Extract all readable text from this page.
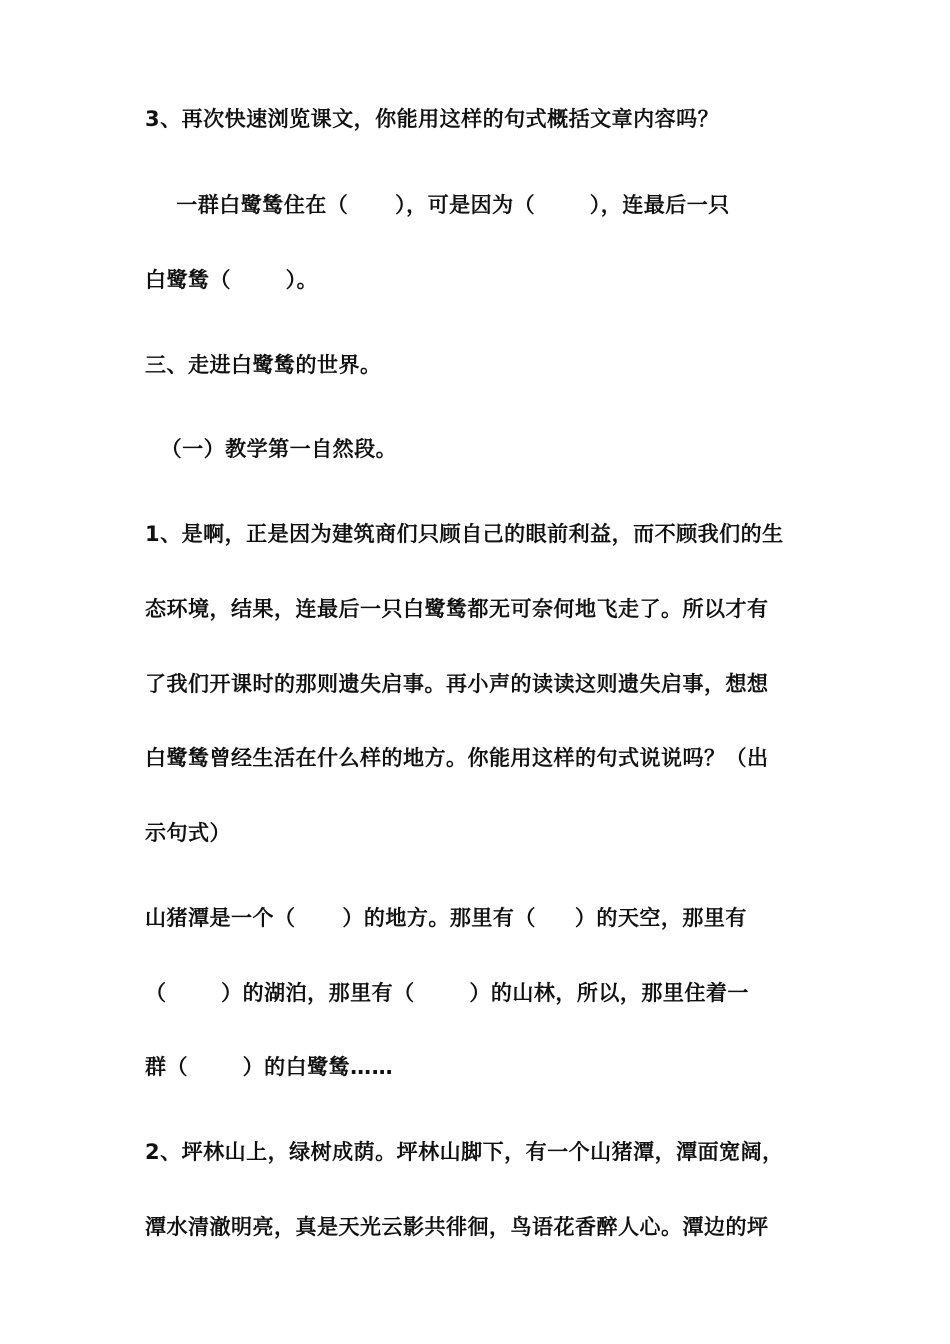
3、再次快速浏览课文，你能用这样的句式概括文章内容吗？
一群白鹭鸶住在（      ），可是因为（       ），连最后一只
白鹭鸶（       ）。
三、走进白鹭鸶的世界。
（一）教学第一自然段。
1、是啊，正是因为建筑商们只顾自己的眼前利益，而不顾我们的生
态环境，结果，连最后一只白鹭鸶都无可奈何地飞走了。所以才有
了我们开课时的那则遗失启事。再小声的读读这则遗失启事，想想
白鹭鸶曾经生活在什么样的地方。你能用这样的句式说说吗？（出
示句式）
山猪潭是一个（      ）的地方。那里有（     ）的天空，那里有
（       ）的湖泊，那里有（       ）的山林，所以，那里住着一
群（       ）的白鹭鸶……
2、坪林山上，绿树成荫。坪林山脚下，有一个山猪潭，潭面宽阔，
潭水清澈明亮，真是天光云影共徘徊，鸟语花香醉人心。潭边的坪
